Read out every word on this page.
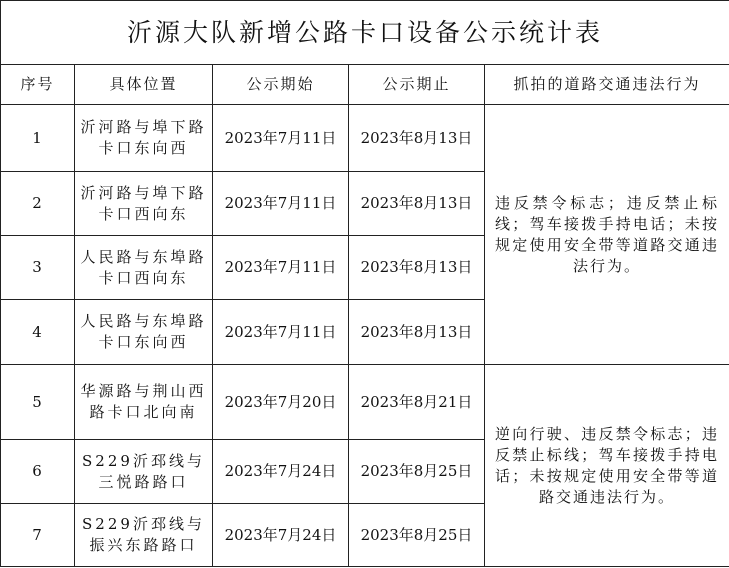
沂源大队新增公路卡口设备公示统计表				
序号	具体位置	公示期始	公示期止	抓拍的道路交通违法行为
1	沂河路与埠下路卡口东向西	2023年7月11日	2023年8月13日	违反禁令标志；违反禁止标线；驾车接拨手持电话；未按规定使用安全带等道路交通违法行为。
2	沂河路与埠下路卡口西向东	2023年7月11日	2023年8月13日	
3	人民路与东埠路卡口西向东	2023年7月11日	2023年8月13日	
4	人民路与东埠路卡口东向西	2023年7月11日	2023年8月13日	
5	华源路与荆山西路卡口北向南	2023年7月20日	2023年8月21日	逆向行驶、违反禁令标志；违反禁止标线；驾车接拨手持电话；未按规定使用安全带等道路交通违法行为。
6	S229沂邳线与三悦路路口	2023年7月24日	2023年8月25日	
7	S229沂邳线与振兴东路路口	2023年7月24日	2023年8月25日	
